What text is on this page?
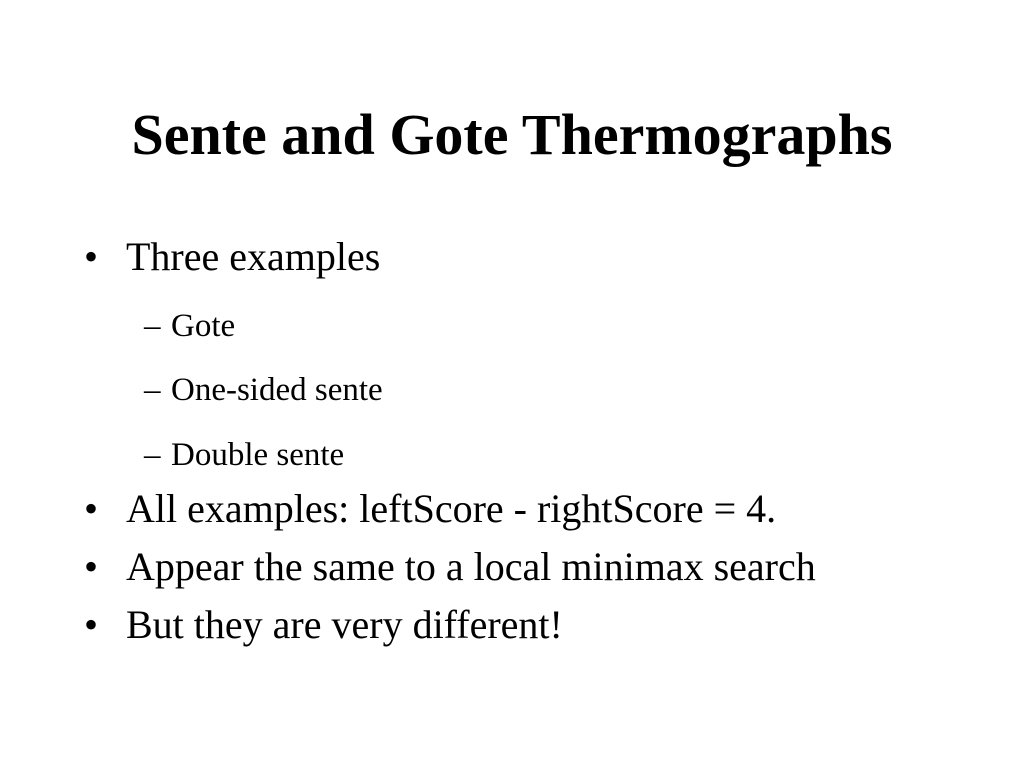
Sente and Gote Thermographs
• Three examples
– Gote
– One-sided sente
– Double sente
• All examples: leftScore - rightScore = 4.
• Appear the same to a local minimax search
• But they are very different!
